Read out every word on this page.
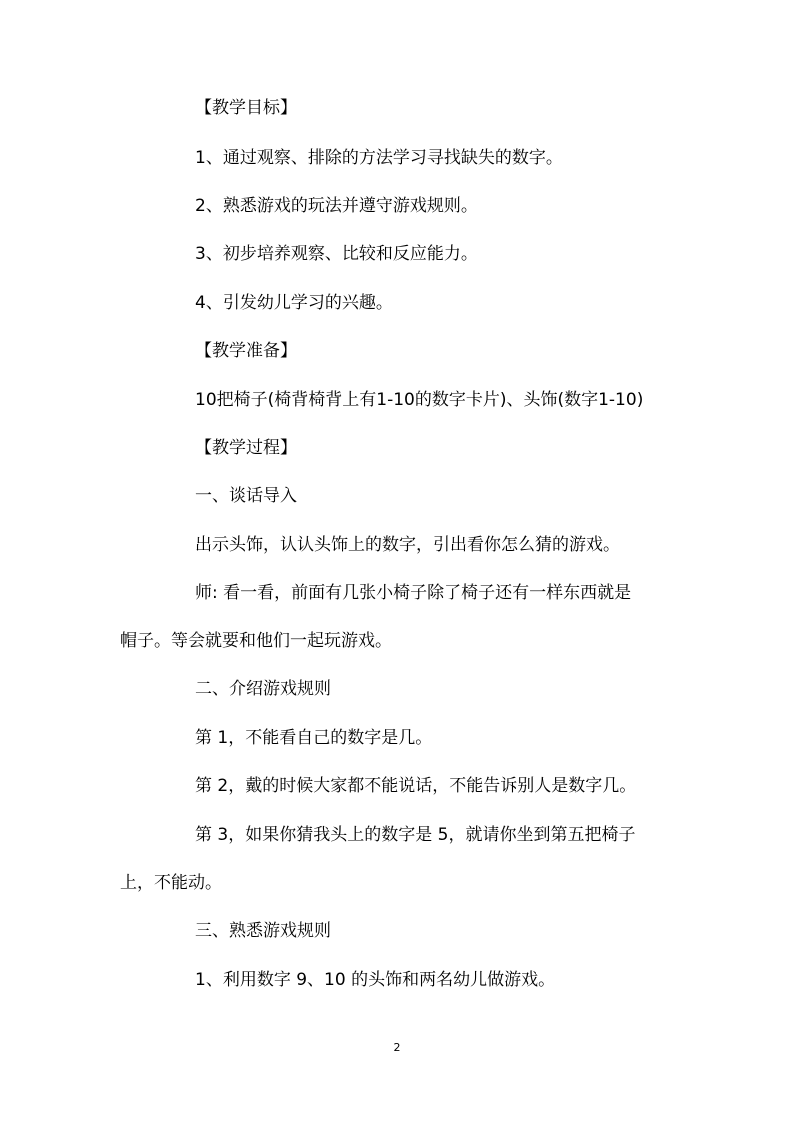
【教学目标】
1、通过观察、排除的方法学习寻找缺失的数字。
2、熟悉游戏的玩法并遵守游戏规则。
3、初步培养观察、比较和反应能力。
4、引发幼儿学习的兴趣。
【教学准备】
10把椅子(椅背椅背上有1-10的数字卡片)、头饰(数字1-10)
【教学过程】
一、谈话导入
出示头饰，认认头饰上的数字，引出看你怎么猜的游戏。
师: 看一看，前面有几张小椅子除了椅子还有一样东西就是
帽子。等会就要和他们一起玩游戏。
二、介绍游戏规则
第 1，不能看自己的数字是几。
第 2，戴的时候大家都不能说话，不能告诉别人是数字几。
第 3，如果你猜我头上的数字是 5，就请你坐到第五把椅子
上，不能动。
三、熟悉游戏规则
1、利用数字 9、10 的头饰和两名幼儿做游戏。
2
